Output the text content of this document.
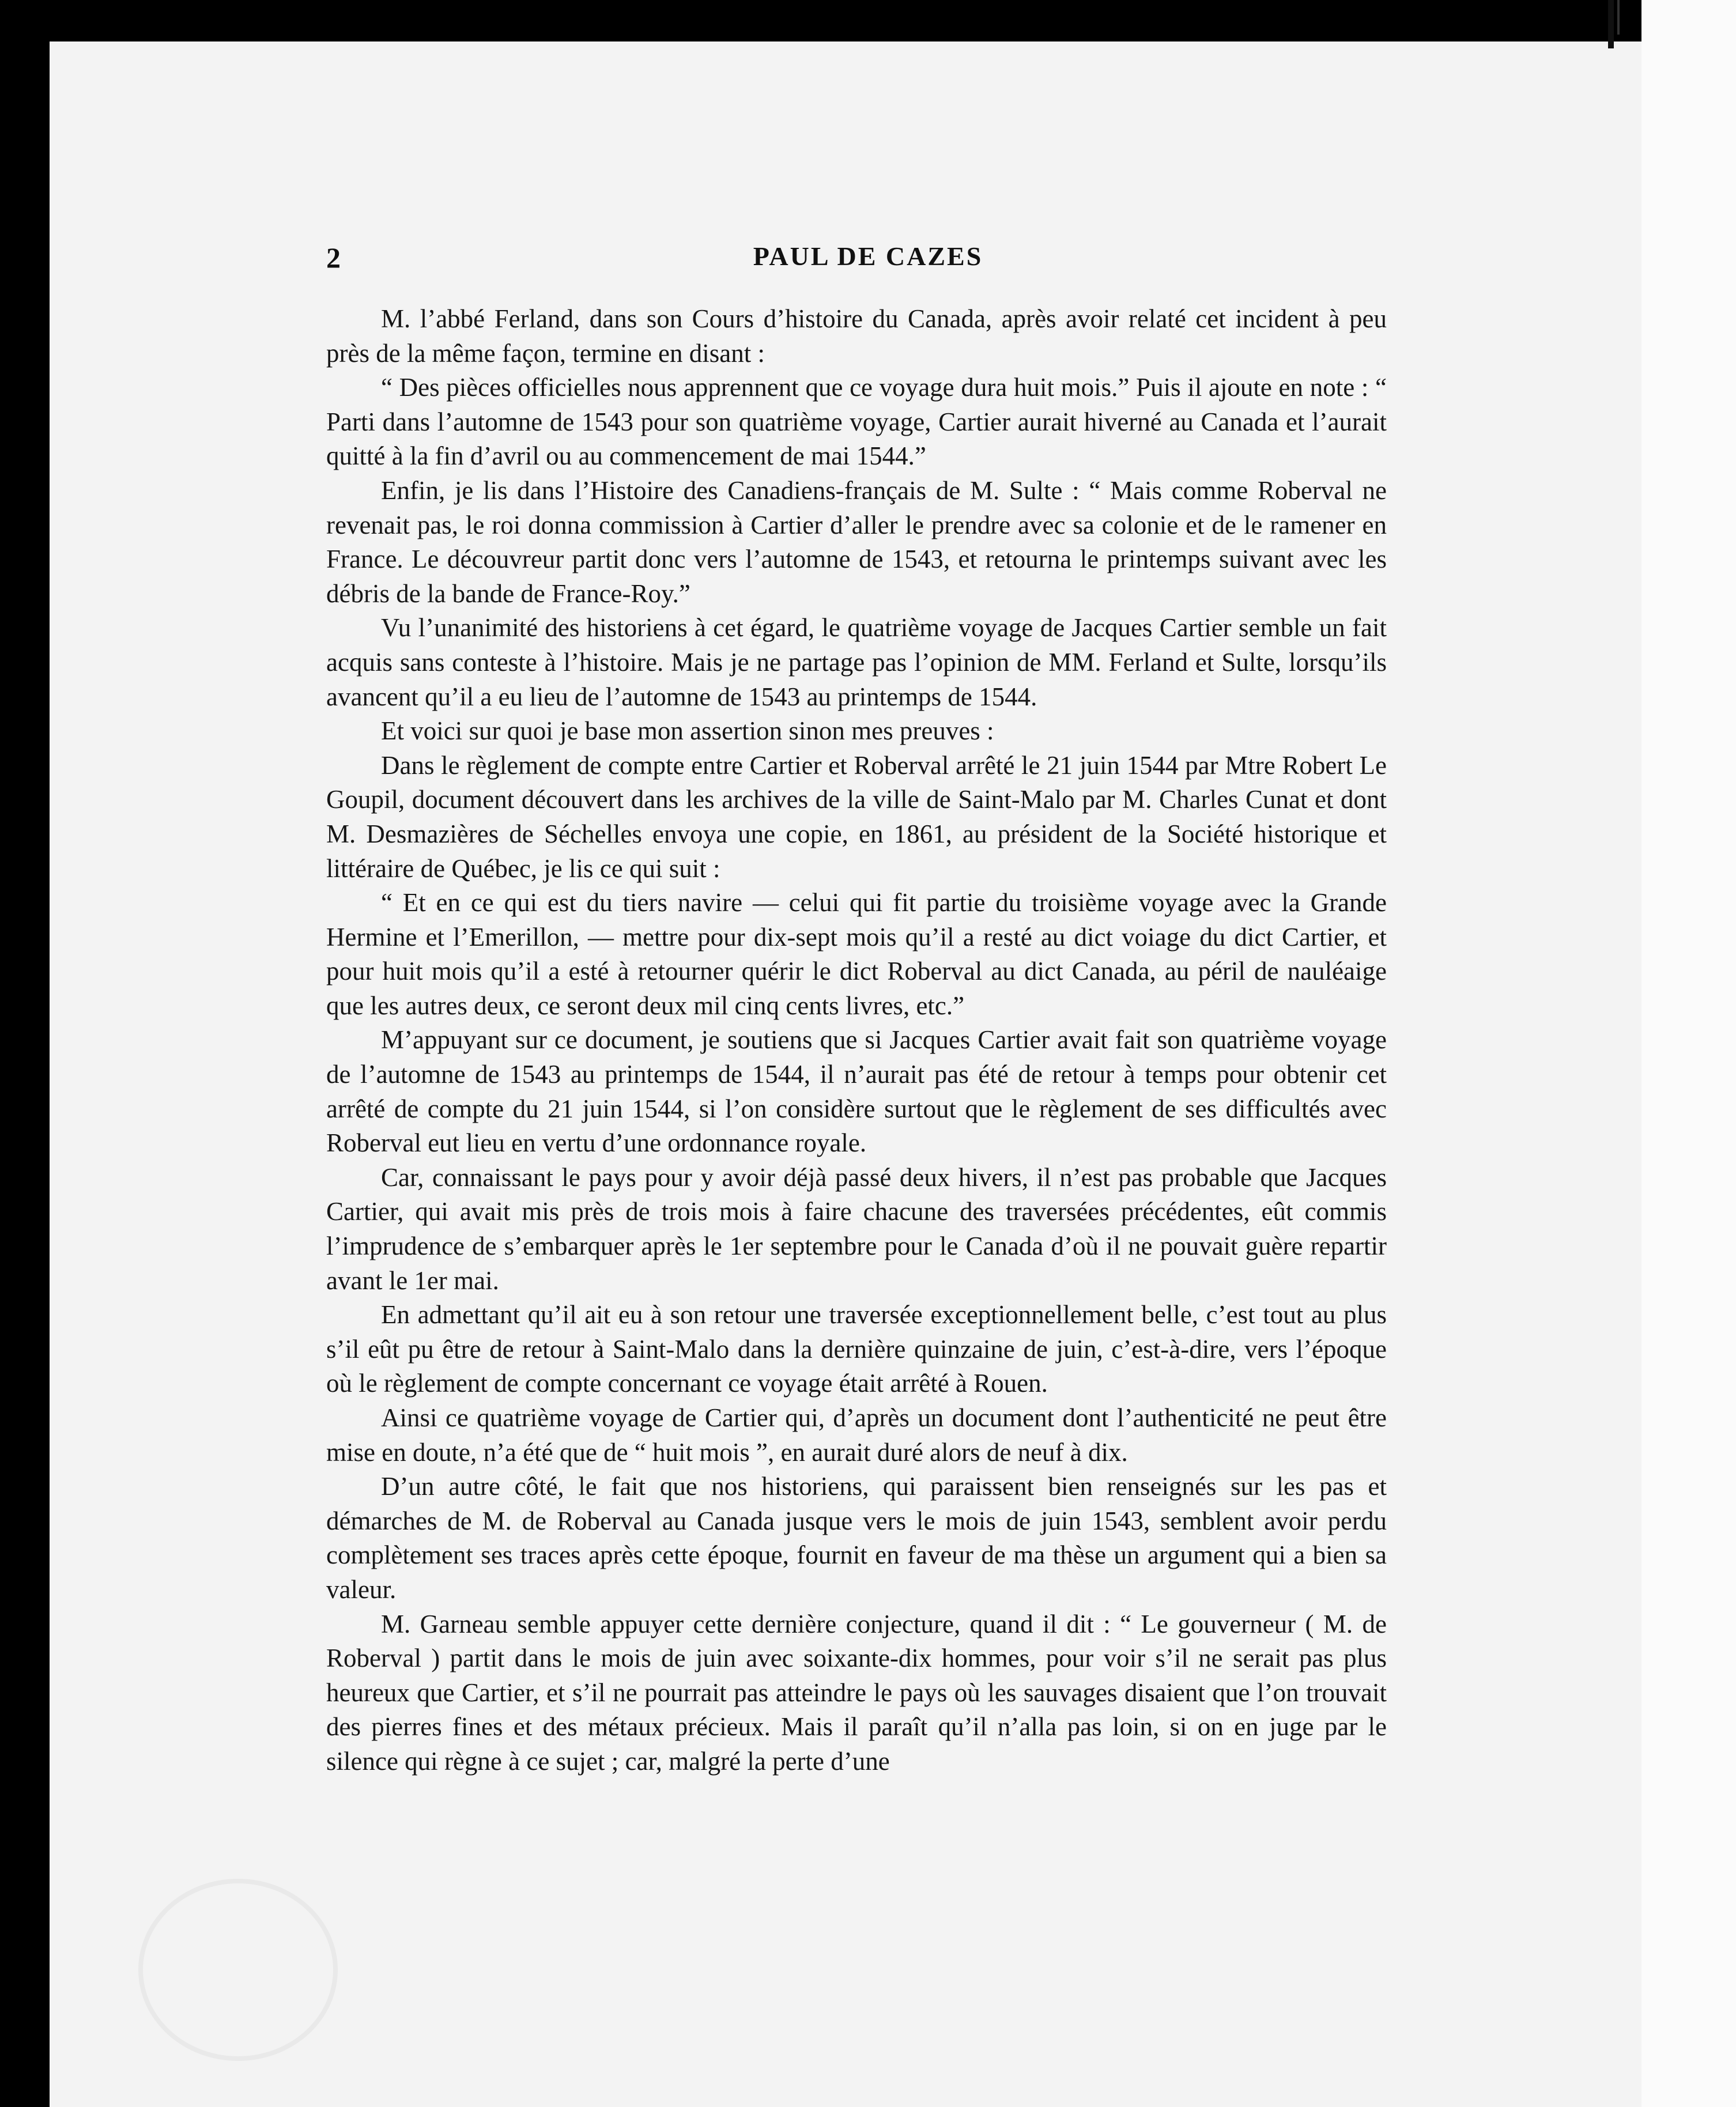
2	PAUL DE CAZES

M. l’abbé Ferland, dans son Cours d’histoire du Canada, après avoir relaté cet incident à peu près de la même façon, termine en disant :

“ Des pièces officielles nous apprennent que ce voyage dura huit mois.” Puis il ajoute en note : “ Parti dans l’automne de 1543 pour son quatrième voyage, Cartier aurait hiverné au Canada et l’aurait quitté à la fin d’avril ou au commencement de mai 1544.”

Enfin, je lis dans l’Histoire des Canadiens-français de M. Sulte : “ Mais comme Roberval ne revenait pas, le roi donna commission à Cartier d’aller le prendre avec sa colonie et de le ramener en France. Le découvreur partit donc vers l’automne de 1543, et retourna le printemps suivant avec les débris de la bande de France-Roy.”

Vu l’unanimité des historiens à cet égard, le quatrième voyage de Jacques Cartier semble un fait acquis sans conteste à l’histoire. Mais je ne partage pas l’opinion de MM. Ferland et Sulte, lorsqu’ils avancent qu’il a eu lieu de l’automne de 1543 au printemps de 1544.

Et voici sur quoi je base mon assertion sinon mes preuves :

Dans le règlement de compte entre Cartier et Roberval arrêté le 21 juin 1544 par Mtre Robert Le Goupil, document découvert dans les archives de la ville de Saint-Malo par M. Charles Cunat et dont M. Desmazières de Séchelles envoya une copie, en 1861, au président de la Société historique et littéraire de Québec, je lis ce qui suit :

“ Et en ce qui est du tiers navire — celui qui fit partie du troisième voyage avec la Grande Hermine et l’Emerillon, — mettre pour dix-sept mois qu’il a resté au dict voiage du dict Cartier, et pour huit mois qu’il a esté à retourner quérir le dict Roberval au dict Canada, au péril de nauléaige que les autres deux, ce seront deux mil cinq cents livres, etc.”

M’appuyant sur ce document, je soutiens que si Jacques Cartier avait fait son quatrième voyage de l’automne de 1543 au printemps de 1544, il n’aurait pas été de retour à temps pour obtenir cet arrêté de compte du 21 juin 1544, si l’on considère surtout que le règlement de ses difficultés avec Roberval eut lieu en vertu d’une ordonnance royale.

Car, connaissant le pays pour y avoir déjà passé deux hivers, il n’est pas probable que Jacques Cartier, qui avait mis près de trois mois à faire chacune des traversées précédentes, eût commis l’imprudence de s’embarquer après le 1er septembre pour le Canada d’où il ne pouvait guère repartir avant le 1er mai.

En admettant qu’il ait eu à son retour une traversée exceptionnellement belle, c’est tout au plus s’il eût pu être de retour à Saint-Malo dans la dernière quinzaine de juin, c’est-à-dire, vers l’époque où le règlement de compte concernant ce voyage était arrêté à Rouen.

Ainsi ce quatrième voyage de Cartier qui, d’après un document dont l’authenticité ne peut être mise en doute, n’a été que de “ huit mois ”, en aurait duré alors de neuf à dix.

D’un autre côté, le fait que nos historiens, qui paraissent bien renseignés sur les pas et démarches de M. de Roberval au Canada jusque vers le mois de juin 1543, semblent avoir perdu complètement ses traces après cette époque, fournit en faveur de ma thèse un argument qui a bien sa valeur.

M. Garneau semble appuyer cette dernière conjecture, quand il dit : “ Le gouverneur ( M. de Roberval ) partit dans le mois de juin avec soixante-dix hommes, pour voir s’il ne serait pas plus heureux que Cartier, et s’il ne pourrait pas atteindre le pays où les sauvages disaient que l’on trouvait des pierres fines et des métaux précieux. Mais il paraît qu’il n’alla pas loin, si on en juge par le silence qui règne à ce sujet ; car, malgré la perte d’une
